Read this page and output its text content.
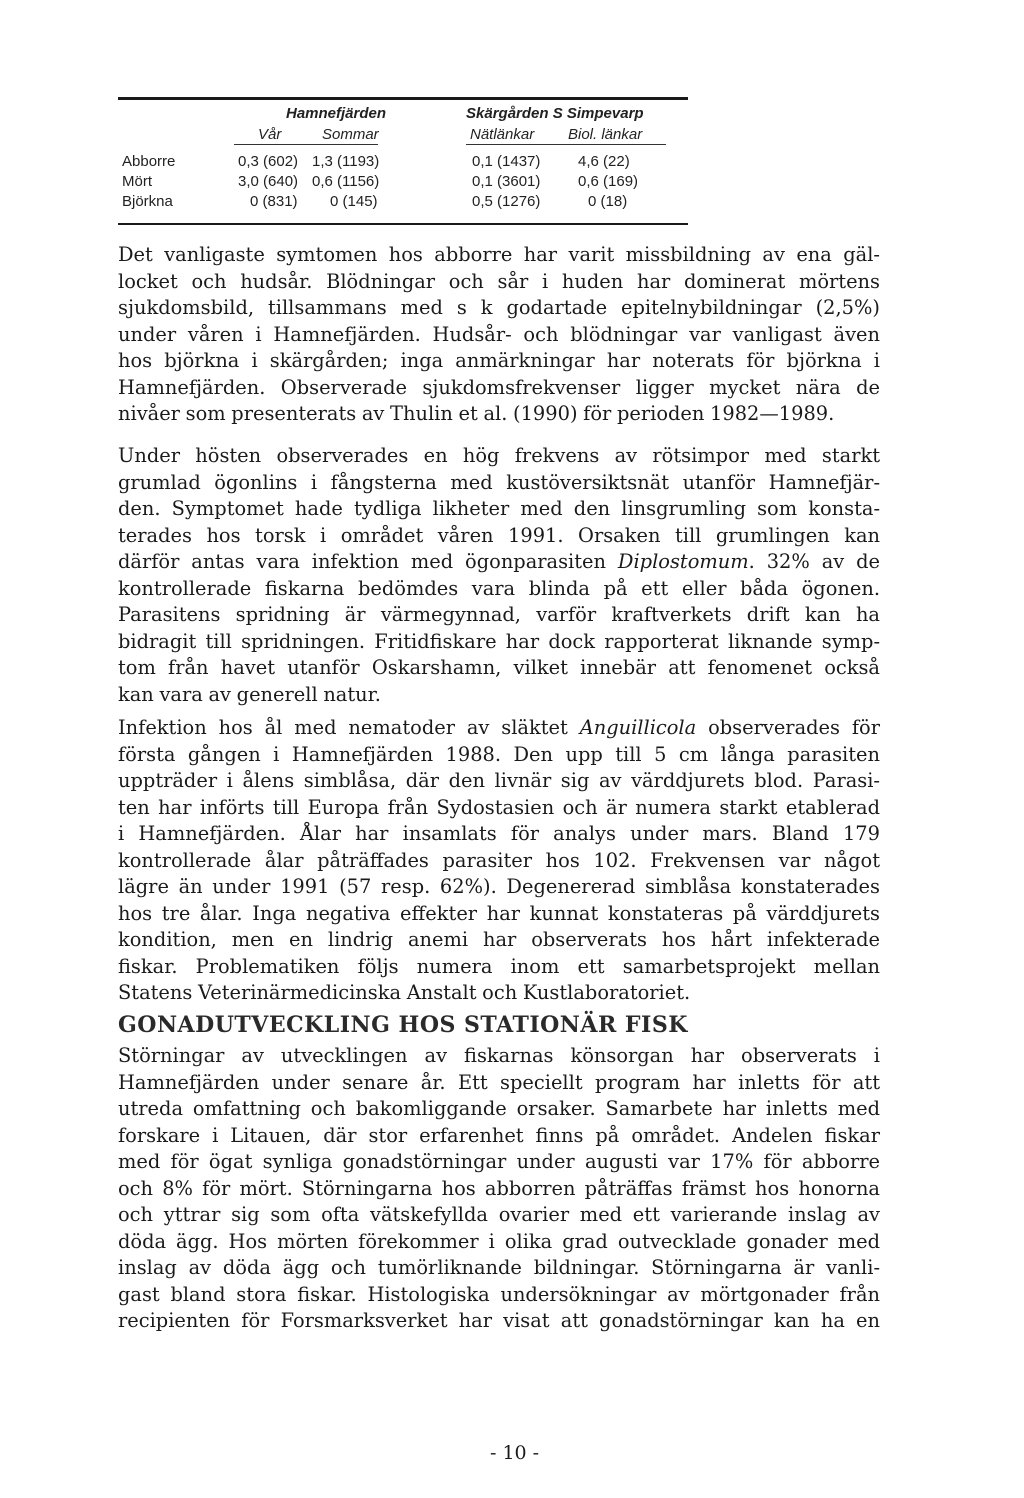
Hamnefjärden	Skärgården S Simpevarp
Vår	Sommar	Nätlänkar Biol. länkar
Abborre	0,3 (602) 1,3 (1193)	0,1 (1437)	4,6 (22)
Mört	3,0 (640) 0,6 (1156)	0,1 (3601)	0,6 (169)
Björkna	0 (831) 0 (145)	0,5 (1276)	0 (18)
Det vanligaste symtomen hos abborre har varit missbildning av ena gäl-
locket och hudsår. Blödningar och sår i huden har dominerat mörtens
sjukdomsbild, tillsammans med s k godartade epitelnybildningar (2,5%)
under våren i Hamnefjärden. Hudsår- och blödningar var vanligast även
hos björkna i skärgården; inga anmärkningar har noterats för björkna i
Hamnefjärden. Observerade sjukdomsfrekvenser ligger mycket nära de
nivåer som presenterats av Thulin et al. (1990) för perioden 1982—1989.
Under hösten observerades en hög frekvens av rötsimpor med starkt
grumlad ögonlins i fångsterna med kustöversiktsnät utanför Hamnefjär-
den. Symptomet hade tydliga likheter med den linsgrumling som konsta-
terades hos torsk i området våren 1991. Orsaken till grumlingen kan
därför antas vara infektion med ögonparasiten Diplostomum. 32% av de
kontrollerade fiskarna bedömdes vara blinda på ett eller båda ögonen.
Parasitens spridning är värmegynnad, varför kraftverkets drift kan ha
bidragit till spridningen. Fritidfiskare har dock rapporterat liknande symp-
tom från havet utanför Oskarshamn, vilket innebär att fenomenet också
kan vara av generell natur.
Infektion hos ål med nematoder av släktet Anguillicola observerades för
första gången i Hamnefjärden 1988. Den upp till 5 cm långa parasiten
uppträder i ålens simblåsa, där den livnär sig av värddjurets blod. Parasi-
ten har införts till Europa från Sydostasien och är numera starkt etablerad
i Hamnefjärden. Ålar har insamlats för analys under mars. Bland 179
kontrollerade ålar påträffades parasiter hos 102. Frekvensen var något
lägre än under 1991 (57 resp. 62%). Degenererad simblåsa konstaterades
hos tre ålar. Inga negativa effekter har kunnat konstateras på värddjurets
kondition, men en lindrig anemi har observerats hos hårt infekterade
fiskar. Problematiken följs numera inom ett samarbetsprojekt mellan
Statens Veterinärmedicinska Anstalt och Kustlaboratoriet.
GONADUTVECKLING HOS STATIONÄR FISK
Störningar av utvecklingen av fiskarnas könsorgan har observerats i
Hamnefjärden under senare år. Ett speciellt program har inletts för att
utreda omfattning och bakomliggande orsaker. Samarbete har inletts med
forskare i Litauen, där stor erfarenhet finns på området. Andelen fiskar
med för ögat synliga gonadstörningar under augusti var 17% för abborre
och 8% för mört. Störningarna hos abborren påträffas främst hos honorna
och yttrar sig som ofta vätskefyllda ovarier med ett varierande inslag av
döda ägg. Hos mörten förekommer i olika grad outvecklade gonader med
inslag av döda ägg och tumörliknande bildningar. Störningarna är vanli-
gast bland stora fiskar. Histologiska undersökningar av mörtgonader från
recipienten för Forsmarksverket har visat att gonadstörningar kan ha en
- 10 -
